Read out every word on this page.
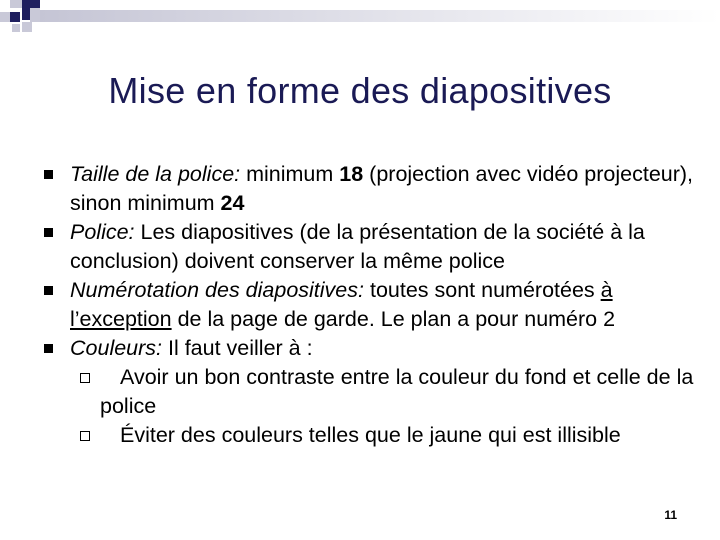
Mise en forme des diapositives
Taille de la police: minimum 18 (projection avec vidéo projecteur), sinon minimum 24
Police: Les diapositives (de la présentation de la société à la conclusion) doivent conserver la même police
Numérotation des diapositives: toutes sont numérotées à l’exception de la page de garde. Le plan a pour numéro 2
Couleurs: Il faut veiller à :
Avoir un bon contraste entre la couleur du fond et celle de la police
Éviter des couleurs telles que le jaune qui est illisible
11
